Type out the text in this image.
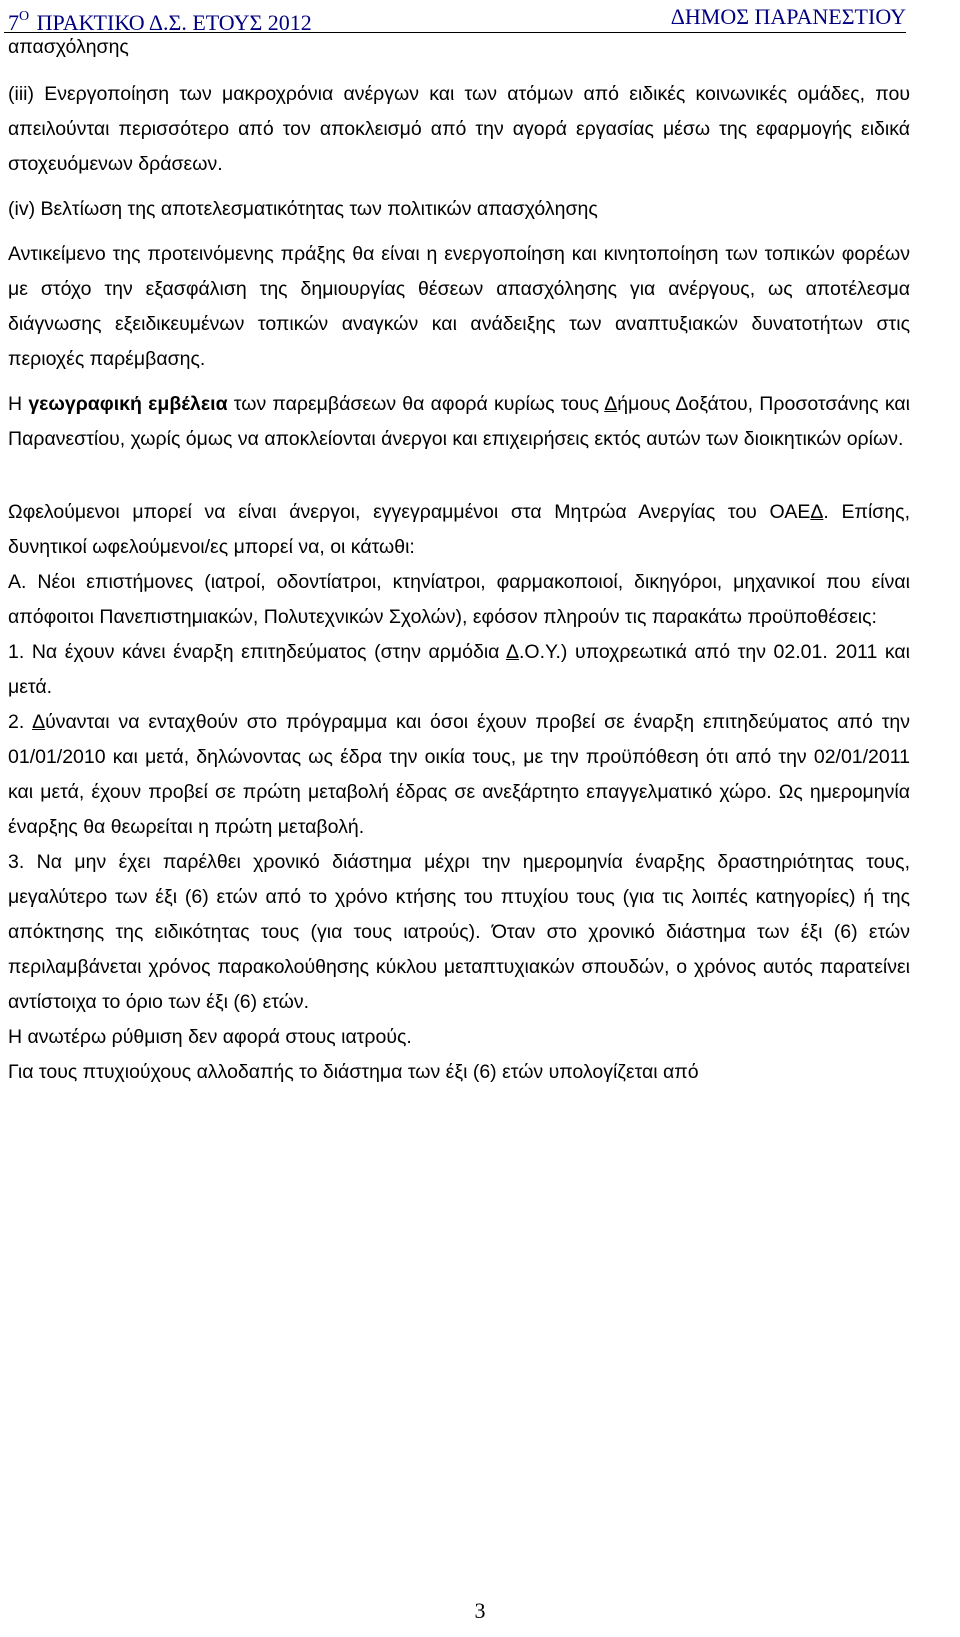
$7^O$ ΠΡΑΚΤΙΚΟ Δ.Σ. ΕΤΟΥΣ 2012	ΔΗΜΟΣ ΠΑΡΑΝΕΣΤΙΟΥ

απασχόλησης

(iii) Ενεργοποίηση των μακροχρόνια ανέργων και των ατόμων από ειδικές κοινωνικές ομάδες, που απειλούνται περισσότερο από τον αποκλεισμό από την αγορά εργασίας μέσω της εφαρμογής ειδικά στοχευόμενων δράσεων.

(iv) Βελτίωση της αποτελεσματικότητας των πολιτικών απασχόλησης

Αντικείμενο της προτεινόμενης πράξης θα είναι η ενεργοποίηση και κινητοποίηση των τοπικών φορέων με στόχο την εξασφάλιση της δημιουργίας θέσεων απασχόλησης για ανέργους, ως αποτέλεσμα διάγνωσης εξειδικευμένων τοπικών αναγκών και ανάδειξης των αναπτυξιακών δυνατοτήτων στις περιοχές παρέμβασης.

Η γεωγραφική εμβέλεια των παρεμβάσεων θα αφορά κυρίως τους Δήμους Δοξάτου, Προσοτσάνης και Παρανεστίου, χωρίς όμως να αποκλείονται άνεργοι και επιχειρήσεις εκτός αυτών των διοικητικών ορίων.

Ωφελούμενοι μπορεί να είναι άνεργοι, εγγεγραμμένοι στα Μητρώα Ανεργίας του ΟΑΕΔ. Επίσης, δυνητικοί ωφελούμενοι/ες μπορεί να, οι κάτωθι:

Α. Νέοι επιστήμονες (ιατροί, οδοντίατροι, κτηνίατροι, φαρμακοποιοί, δικηγόροι, μηχανικοί που είναι απόφοιτοι Πανεπιστημιακών, Πολυτεχνικών Σχολών), εφόσον πληρούν τις παρακάτω προϋποθέσεις:

1. Να έχουν κάνει έναρξη επιτηδεύματος (στην αρμόδια Δ.Ο.Υ.) υποχρεωτικά από την 02.01. 2011 και μετά.

2. Δύνανται να ενταχθούν στο πρόγραμμα και όσοι έχουν προβεί σε έναρξη επιτηδεύματος από την 01/01/2010 και μετά, δηλώνοντας ως έδρα την οικία τους, με την προϋπόθεση ότι από την 02/01/2011 και μετά, έχουν προβεί σε πρώτη μεταβολή έδρας σε ανεξάρτητο επαγγελματικό χώρο. Ως ημερομηνία έναρξης θα θεωρείται η πρώτη μεταβολή.

3. Να μην έχει παρέλθει χρονικό διάστημα μέχρι την ημερομηνία έναρξης δραστηριότητας τους, μεγαλύτερο των έξι (6) ετών από το χρόνο κτήσης του πτυχίου τους (για τις λοιπές κατηγορίες) ή της απόκτησης της ειδικότητας τους (για τους ιατρούς). Όταν στο χρονικό διάστημα των έξι (6) ετών περιλαμβάνεται χρόνος παρακολούθησης κύκλου μεταπτυχιακών σπουδών, ο χρόνος αυτός παρατείνει αντίστοιχα το όριο των έξι (6) ετών.

Η ανωτέρω ρύθμιση δεν αφορά στους ιατρούς.

Για τους πτυχιούχους αλλοδαπής το διάστημα των έξι (6) ετών υπολογίζεται από

3
